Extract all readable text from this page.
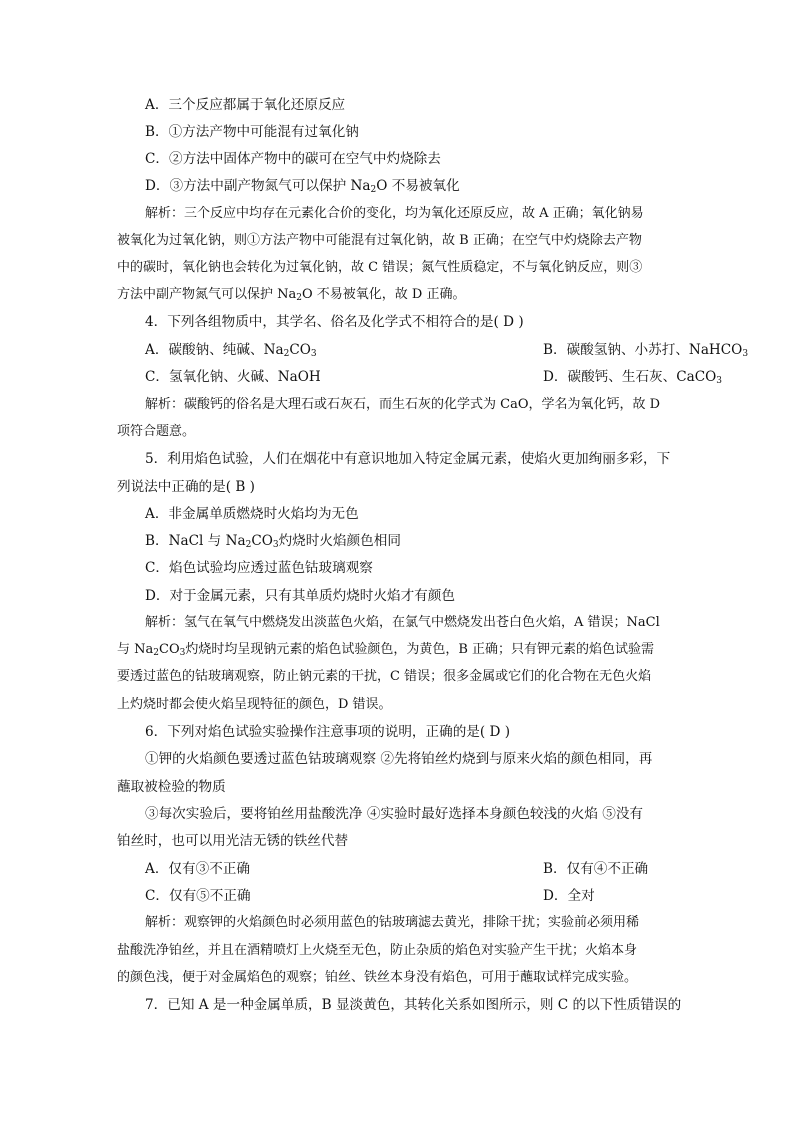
A．三个反应都属于氧化还原反应
B．①方法产物中可能混有过氧化钠
C．②方法中固体产物中的碳可在空气中灼烧除去
D．③方法中副产物氮气可以保护 $Na_2O$ 不易被氧化
解析：三个反应中均存在元素化合价的变化，均为氧化还原反应，故 A 正确；氧化钠易
被氧化为过氧化钠，则①方法产物中可能混有过氧化钠，故 B 正确；在空气中灼烧除去产物
中的碳时，氧化钠也会转化为过氧化钠，故 C 错误；氮气性质稳定，不与氧化钠反应，则③
方法中副产物氮气可以保护 $Na_2O$ 不易被氧化，故 D 正确。
4．下列各组物质中，其学名、俗名及化学式不相符合的是( D )
A．碳酸钠、纯碱、$Na_2CO_3$	B．碳酸氢钠、小苏打、NaHCO$_3$
C．氢氧化钠、火碱、NaOH	D．碳酸钙、生石灰、CaCO$_3$
解析：碳酸钙的俗名是大理石或石灰石，而生石灰的化学式为 CaO，学名为氧化钙，故 D
项符合题意。
5．利用焰色试验，人们在烟花中有意识地加入特定金属元素，使焰火更加绚丽多彩，下
列说法中正确的是( B )
A．非金属单质燃烧时火焰均为无色
B．NaCl 与 $Na_2CO_3$灼烧时火焰颜色相同
C．焰色试验均应透过蓝色钴玻璃观察
D．对于金属元素，只有其单质灼烧时火焰才有颜色
解析：氢气在氧气中燃烧发出淡蓝色火焰，在氯气中燃烧发出苍白色火焰，A 错误；NaCl
与 $Na_2CO_3$灼烧时均呈现钠元素的焰色试验颜色，为黄色，B 正确；只有钾元素的焰色试验需
要透过蓝色的钴玻璃观察，防止钠元素的干扰，C 错误；很多金属或它们的化合物在无色火焰
上灼烧时都会使火焰呈现特征的颜色，D 错误。
6．下列对焰色试验实验操作注意事项的说明，正确的是( D )
①钾的火焰颜色要透过蓝色钴玻璃观察 ②先将铂丝灼烧到与原来火焰的颜色相同，再
蘸取被检验的物质
③每次实验后，要将铂丝用盐酸洗净 ④实验时最好选择本身颜色较浅的火焰 ⑤没有
铂丝时，也可以用光洁无锈的铁丝代替
A．仅有③不正确	B．仅有④不正确
C．仅有⑤不正确	D．全对
解析：观察钾的火焰颜色时必须用蓝色的钴玻璃滤去黄光，排除干扰；实验前必须用稀
盐酸洗净铂丝，并且在酒精喷灯上火烧至无色，防止杂质的焰色对实验产生干扰；火焰本身
的颜色浅，便于对金属焰色的观察；铂丝、铁丝本身没有焰色，可用于蘸取试样完成实验。
7．已知 A 是一种金属单质，B 显淡黄色，其转化关系如图所示，则 C 的以下性质错误的
